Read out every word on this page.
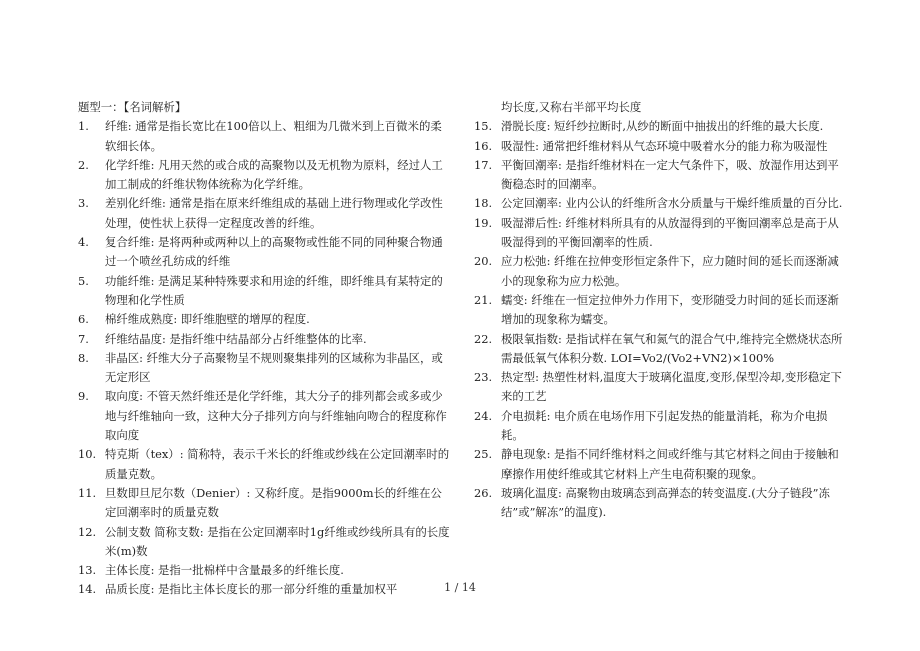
题型一：【名词解析】
1. 纤维: 通常是指长宽比在100倍以上、粗细为几微米到上百微米的柔软细长体。
2. 化学纤维: 凡用天然的或合成的高聚物以及无机物为原料，经过人工加工制成的纤维状物体统称为化学纤维。
3. 差别化纤维: 通常是指在原来纤维组成的基础上进行物理或化学改性处理，使性状上获得一定程度改善的纤维。
4. 复合纤维: 是将两种或两种以上的高聚物或性能不同的同种聚合物通过一个喷丝孔纺成的纤维
5. 功能纤维: 是满足某种特殊要求和用途的纤维，即纤维具有某特定的物理和化学性质
6. 棉纤维成熟度: 即纤维胞壁的增厚的程度.
7. 纤维结晶度: 是指纤维中结晶部分占纤维整体的比率.
8. 非晶区: 纤维大分子高聚物呈不规则聚集排列的区域称为非晶区，或无定形区
9. 取向度: 不管天然纤维还是化学纤维，其大分子的排列都会或多或少地与纤维轴向一致，这种大分子排列方向与纤维轴向吻合的程度称作取向度
10. 特克斯（tex）: 简称特，表示千米长的纤维或纱线在公定回潮率时的质量克数。
11. 旦数即旦尼尔数（Denier）: 又称纤度。是指9000m长的纤维在公定回潮率时的质量克数
12. 公制支数 简称支数: 是指在公定回潮率时1g纤维或纱线所具有的长度米(m)数
13. 主体长度: 是指一批棉样中含量最多的纤维长度.
14. 品质长度: 是指比主体长度长的那一部分纤维的重量加权平
均长度,又称右半部平均长度
15. 滑脱长度: 短纤纱拉断时,从纱的断面中抽拔出的纤维的最大长度.
16. 吸湿性: 通常把纤维材料从气态环境中吸着水分的能力称为吸湿性
17. 平衡回潮率: 是指纤维材料在一定大气条件下，吸、放湿作用达到平衡稳态时的回潮率。
18. 公定回潮率: 业内公认的纤维所含水分质量与干燥纤维质量的百分比.
19. 吸湿滞后性: 纤维材料所具有的从放湿得到的平衡回潮率总是高于从吸湿得到的平衡回潮率的性质.
20. 应力松弛: 纤维在拉伸变形恒定条件下，应力随时间的延长而逐渐减小的现象称为应力松弛。
21. 蠕变: 纤维在一恒定拉伸外力作用下，变形随受力时间的延长而逐渐增加的现象称为蠕变。
22. 极限氧指数: 是指试样在氧气和氮气的混合气中,维持完全燃烧状态所需最低氧气体积分数. LOI=Vo2/(Vo2+VN2)×100%
23. 热定型: 热塑性材料,温度大于玻璃化温度,变形,保型冷却,变形稳定下来的工艺
24. 介电损耗: 电介质在电场作用下引起发热的能量消耗，称为介电损耗。
25. 静电现象: 是指不同纤维材料之间或纤维与其它材料之间由于接触和摩擦作用使纤维或其它材料上产生电荷积聚的现象。
26. 玻璃化温度: 高聚物由玻璃态到高弹态的转变温度.(大分子链段”冻结”或”解冻”的温度).
1 / 14
